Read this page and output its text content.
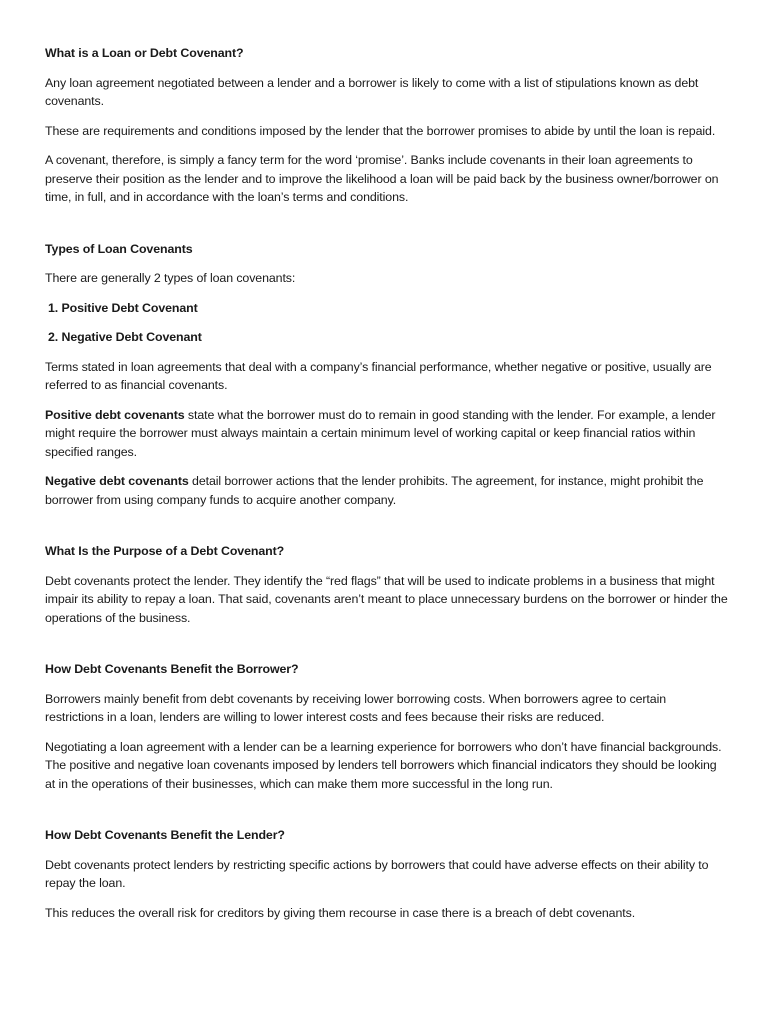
What is a Loan or Debt Covenant?

Any loan agreement negotiated between a lender and a borrower is likely to come with a list of stipulations known as debt covenants.

These are requirements and conditions imposed by the lender that the borrower promises to abide by until the loan is repaid.

A covenant, therefore, is simply a fancy term for the word ‘promise’. Banks include covenants in their loan agreements to preserve their position as the lender and to improve the likelihood a loan will be paid back by the business owner/borrower on time, in full, and in accordance with the loan’s terms and conditions.

Types of Loan Covenants

There are generally 2 types of loan covenants:

1. Positive Debt Covenant
2. Negative Debt Covenant

Terms stated in loan agreements that deal with a company’s financial performance, whether negative or positive, usually are referred to as financial covenants.

Positive debt covenants state what the borrower must do to remain in good standing with the lender. For example, a lender might require the borrower must always maintain a certain minimum level of working capital or keep financial ratios within specified ranges.

Negative debt covenants detail borrower actions that the lender prohibits. The agreement, for instance, might prohibit the borrower from using company funds to acquire another company.

What Is the Purpose of a Debt Covenant?

Debt covenants protect the lender. They identify the “red flags” that will be used to indicate problems in a business that might impair its ability to repay a loan. That said, covenants aren’t meant to place unnecessary burdens on the borrower or hinder the operations of the business.

How Debt Covenants Benefit the Borrower?

Borrowers mainly benefit from debt covenants by receiving lower borrowing costs. When borrowers agree to certain restrictions in a loan, lenders are willing to lower interest costs and fees because their risks are reduced.

Negotiating a loan agreement with a lender can be a learning experience for borrowers who don’t have financial backgrounds. The positive and negative loan covenants imposed by lenders tell borrowers which financial indicators they should be looking at in the operations of their businesses, which can make them more successful in the long run.

How Debt Covenants Benefit the Lender?

Debt covenants protect lenders by restricting specific actions by borrowers that could have adverse effects on their ability to repay the loan.

This reduces the overall risk for creditors by giving them recourse in case there is a breach of debt covenants.
